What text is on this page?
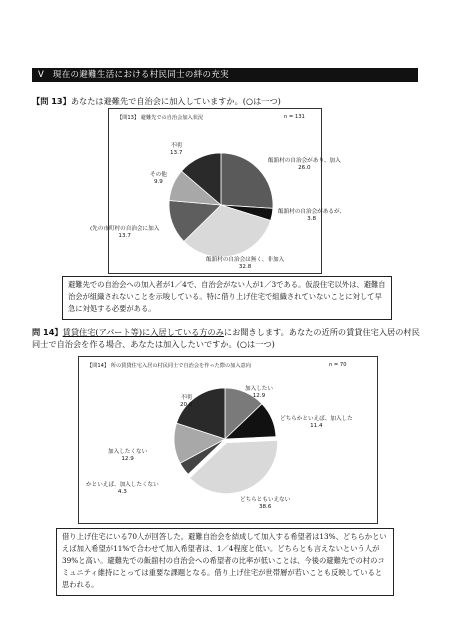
Ⅴ　現在の避難生活における村民同士の絆の充実
【問 13】あなたは避難先で自治会に加入していますか。(○は一つ)
【問13】 避難先での自治会加入状況	n = 131
不明
13.7
飯舘村の自治会があり、加入
26.0
その他
9.9
飯舘村の自治会があるが、
3.8
(先の市町村の自治会に加入
13.7
飯舘村の自治会は無く、非加入
32.8
避難先での自治会への加入者が1／4で、自治会がない人が1／3である。仮設住宅以外は、避難自治会が組織されないことを示唆している。特に借り上げ住宅で組織されていないことに対して早急に対処する必要がある。
問 14】賃貸住宅(アパート等)に入居している方のみにお聞きします。あなたの近所の賃貸住宅入居の村民同士で自治会を作る場合、あなたは加入したいですか。(○は一つ)
【問14】 所の賃貸住宅入居の村民同士で自治会を作った際の加入意向	n = 70
不明
20.0
加入したい
12.9
どちらかといえば、加入した
11.4
加入したくない
12.9
かといえば、加入したくない
4.3
どちらともいえない
38.6
借り上げ住宅にいる70人が回答した。避難自治会を結成して加入する希望者は13%、どちらかといえば加入希望が11%で合わせて加入希望者は、1／4程度と低い。どちらとも言えないという人が39%と高い。避難先での飯舘村の自治会への希望者の比率が低いことは、今後の避難先での村のコミュニティ維持にとっては重要な課題となる。借り上げ住宅が世帯層が若いことも反映していると思われる。
